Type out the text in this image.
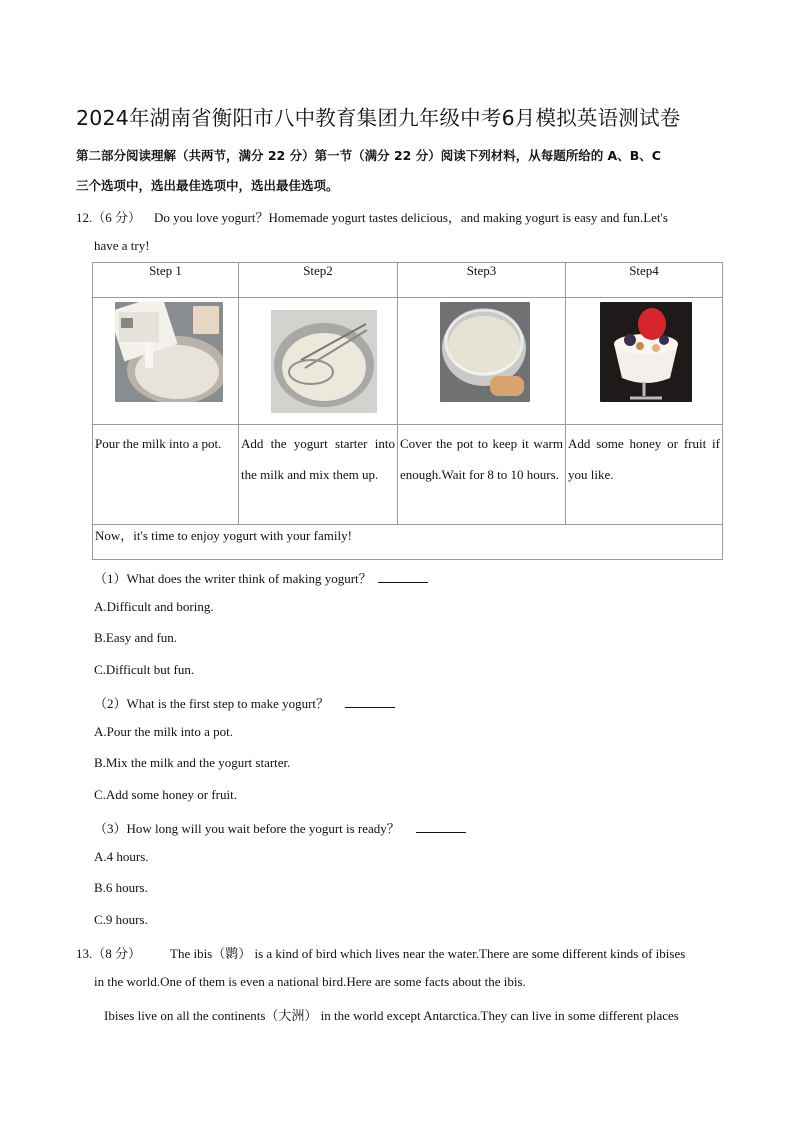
2024年湖南省衡阳市八中教育集团九年级中考6月模拟英语测试卷
第二部分阅读理解（共两节，满分 22 分）第一节（满分 22 分）阅读下列材料，从每题所给的 A、B、C
三个选项中，选出最佳选项中，选出最佳选项。
12.（6 分） Do you love yogurt？Homemade yogurt tastes delicious，and making yogurt is easy and fun.Let's
have a try!
Step 1	Step2	Step3	Step4

Pour the milk into a pot.	Add the yogurt starter into the milk and mix them up.	Cover the pot to keep it warm enough.Wait for 8 to 10 hours.	Add some honey or fruit if you like.
Now，it's time to enjoy yogurt with your family!			
（1）What does the writer think of making yogurt？
A.Difficult and boring.
B.Easy and fun.
C.Difficult but fun.
（2）What is the first step to make yogurt？
A.Pour the milk into a pot.
B.Mix the milk and the yogurt starter.
C.Add some honey or fruit.
（3）How long will you wait before the yogurt is ready？
A.4 hours.
B.6 hours.
C.9 hours.
13.（8 分） The ibis（鹮） is a kind of bird which lives near the water.There are some different kinds of ibises
in the world.One of them is even a national bird.Here are some facts about the ibis.
Ibises live on all the continents（大洲） in the world except Antarctica.They can live in some different places
